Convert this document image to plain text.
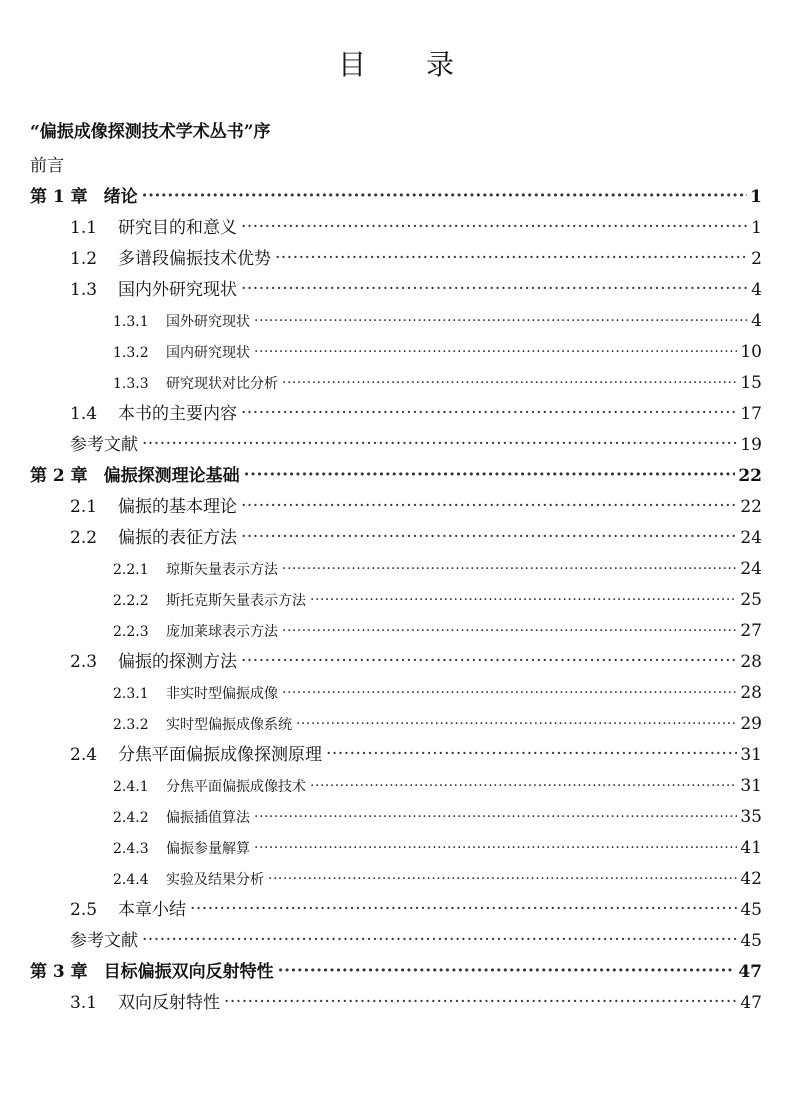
目 录
“偏振成像探测技术学术丛书”序
前言
第 1 章 绪论 ·····	1
1.1	研究目的和意义 ·····	1
1.2	多谱段偏振技术优势 ·····	2
1.3	国内外研究现状 ·····	4
1.3.1	国外研究现状 ·····	4
1.3.2	国内研究现状 ·····	10
1.3.3	研究现状对比分析 ·····	15
1.4	本书的主要内容 ·····	17
参考文献 ·····	19
第 2 章 偏振探测理论基础 ·····	22
2.1	偏振的基本理论 ·····	22
2.2	偏振的表征方法 ·····	24
2.2.1	琼斯矢量表示方法 ·····	24
2.2.2	斯托克斯矢量表示方法 ·····	25
2.2.3	庞加莱球表示方法 ·····	27
2.3	偏振的探测方法 ·····	28
2.3.1	非实时型偏振成像 ·····	28
2.3.2	实时型偏振成像系统 ·····	29
2.4	分焦平面偏振成像探测原理 ·····	31
2.4.1	分焦平面偏振成像技术 ·····	31
2.4.2	偏振插值算法 ·····	35
2.4.3	偏振参量解算 ·····	41
2.4.4	实验及结果分析 ·····	42
2.5	本章小结 ·····	45
参考文献 ·····	45
第 3 章 目标偏振双向反射特性 ·····	47
3.1	双向反射特性 ·····	47
